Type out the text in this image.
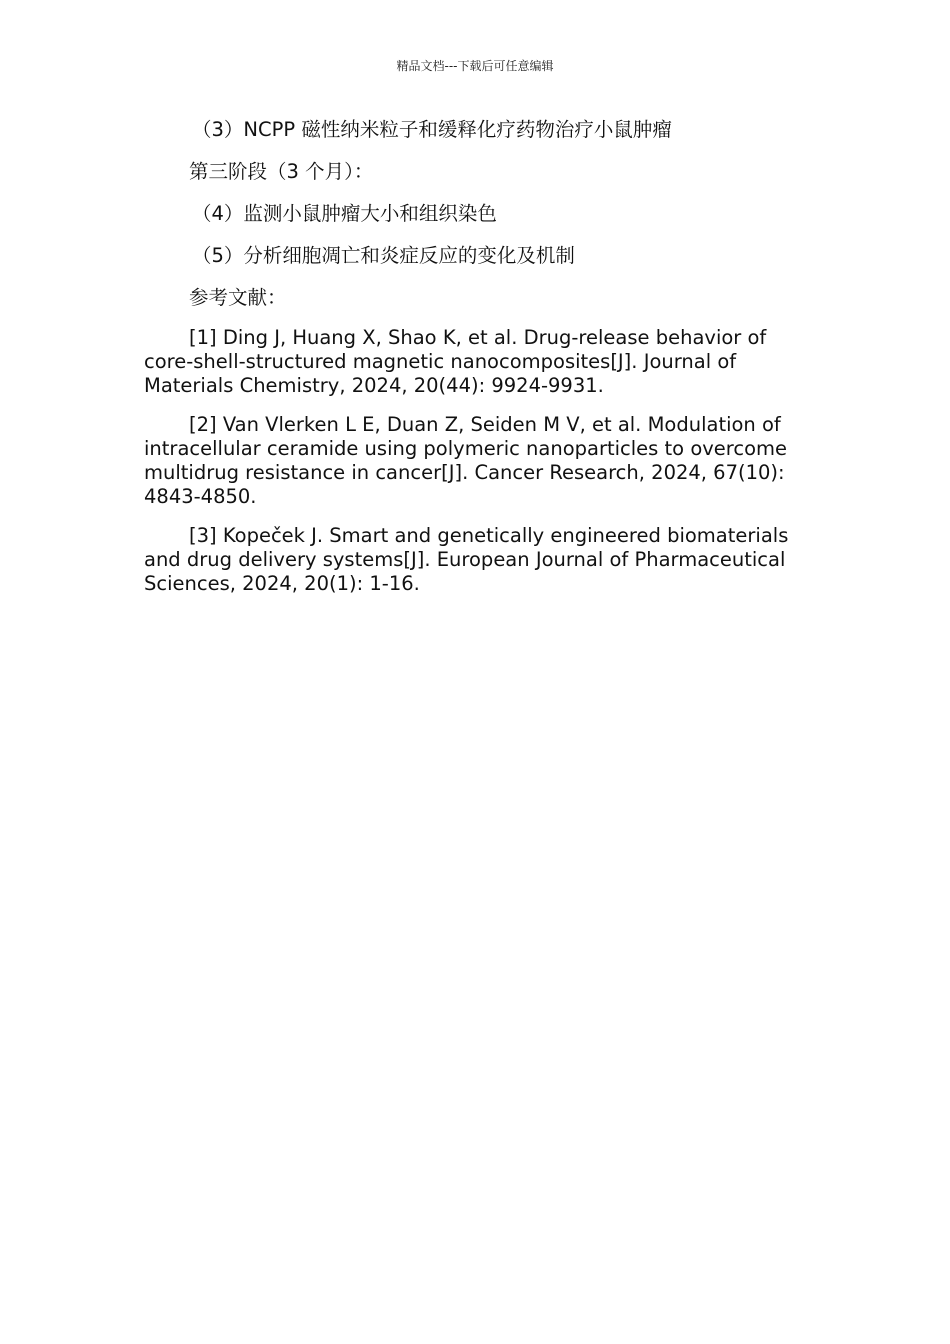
精品文档---下载后可任意编辑

（3）NCPP 磁性纳米粒子和缓释化疗药物治疗小鼠肿瘤

第三阶段（3 个月）：

（4）监测小鼠肿瘤大小和组织染色

（5）分析细胞凋亡和炎症反应的变化及机制

参考文献：

[1] Ding J, Huang X, Shao K, et al. Drug-release behavior of core-shell-structured magnetic nanocomposites[J]. Journal of Materials Chemistry, 2024, 20(44): 9924-9931.

[2] Van Vlerken L E, Duan Z, Seiden M V, et al. Modulation of intracellular ceramide using polymeric nanoparticles to overcome multidrug resistance in cancer[J]. Cancer Research, 2024, 67(10): 4843-4850.

[3] Kopeček J. Smart and genetically engineered biomaterials and drug delivery systems[J]. European Journal of Pharmaceutical Sciences, 2024, 20(1): 1-16.
